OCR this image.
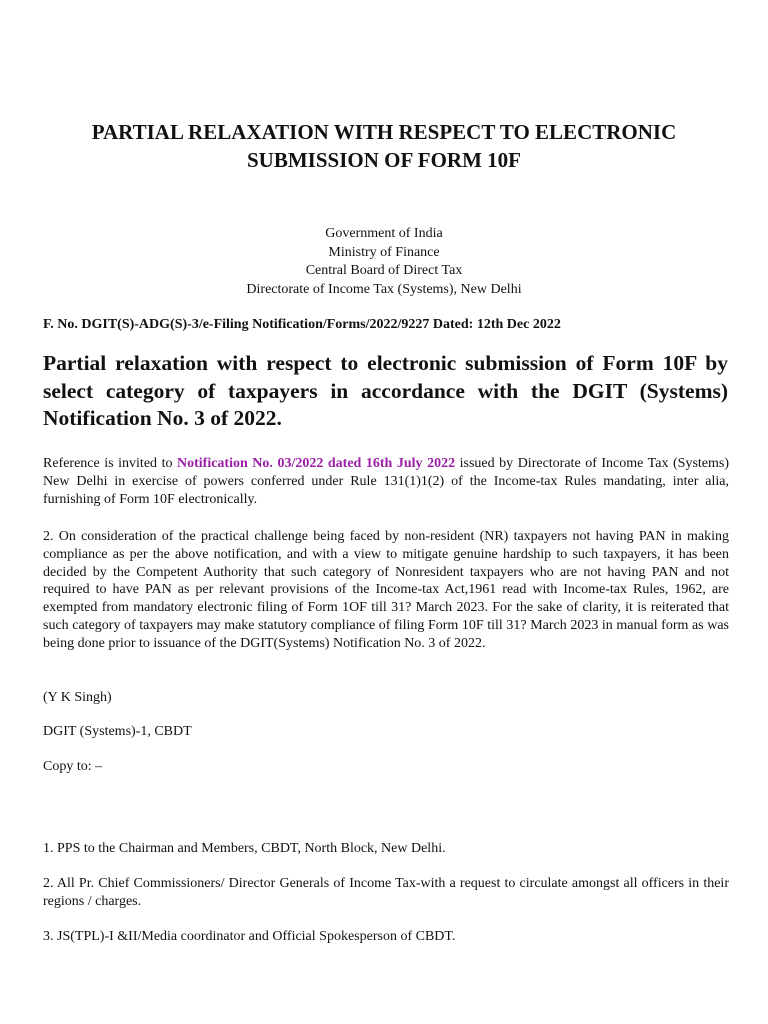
PARTIAL RELAXATION WITH RESPECT TO ELECTRONIC
SUBMISSION OF FORM 10F
Government of India
Ministry of Finance
Central Board of Direct Tax
Directorate of Income Tax (Systems), New Delhi
F. No. DGIT(S)-ADG(S)-3/e-Filing Notification/Forms/2022/9227 Dated: 12th Dec 2022
Partial relaxation with respect to electronic submission of Form 10F by select category of taxpayers in accordance with the DGIT (Systems) Notification No. 3 of 2022.
Reference is invited to Notification No. 03/2022 dated 16th July 2022 issued by Directorate of Income Tax (Systems) New Delhi in exercise of powers conferred under Rule 131(1)1(2) of the Income-tax Rules mandating, inter alia, furnishing of Form 10F electronically.
2. On consideration of the practical challenge being faced by non-resident (NR) taxpayers not having PAN in making compliance as per the above notification, and with a view to mitigate genuine hardship to such taxpayers, it has been decided by the Competent Authority that such category of Nonresident taxpayers who are not having PAN and not required to have PAN as per relevant provisions of the Income-tax Act,1961 read with Income-tax Rules, 1962, are exempted from mandatory electronic filing of Form 1OF till 31? March 2023. For the sake of clarity, it is reiterated that such category of taxpayers may make statutory compliance of filing Form 10F till 31? March 2023 in manual form as was being done prior to issuance of the DGIT(Systems) Notification No. 3 of 2022.
(Y K Singh)
DGIT (Systems)-1, CBDT
Copy to: –
1. PPS to the Chairman and Members, CBDT, North Block, New Delhi.
2. All Pr. Chief Commissioners/ Director Generals of Income Tax-with a request to circulate amongst all officers in their regions / charges.
3. JS(TPL)-I &II/Media coordinator and Official Spokesperson of CBDT.
